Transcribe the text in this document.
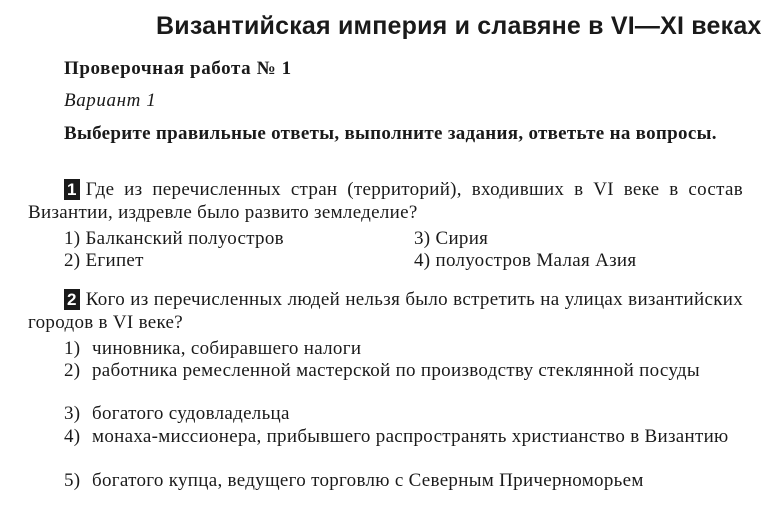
Византийская империя и славяне в VI—XI веках
Проверочная работа № 1
Вариант 1
Выберите правильные ответы, выполните задания, ответьте на вопросы.
1 Где из перечисленных стран (территорий), входивших в VI веке в состав Византии, издревле было развито земледелие?
1) Балканский полуостров	3) Сирия
2) Египет	4) полуостров Малая Азия
2 Кого из перечисленных людей нельзя было встретить на улицах византийских городов в VI веке?
1) чиновника, собиравшего налоги
2) работника ремесленной мастерской по производству стеклянной посуды
3) богатого судовладельца
4) монаха-миссионера, прибывшего распространять христианство в Византию
5) богатого купца, ведущего торговлю с Северным Причерноморьем
